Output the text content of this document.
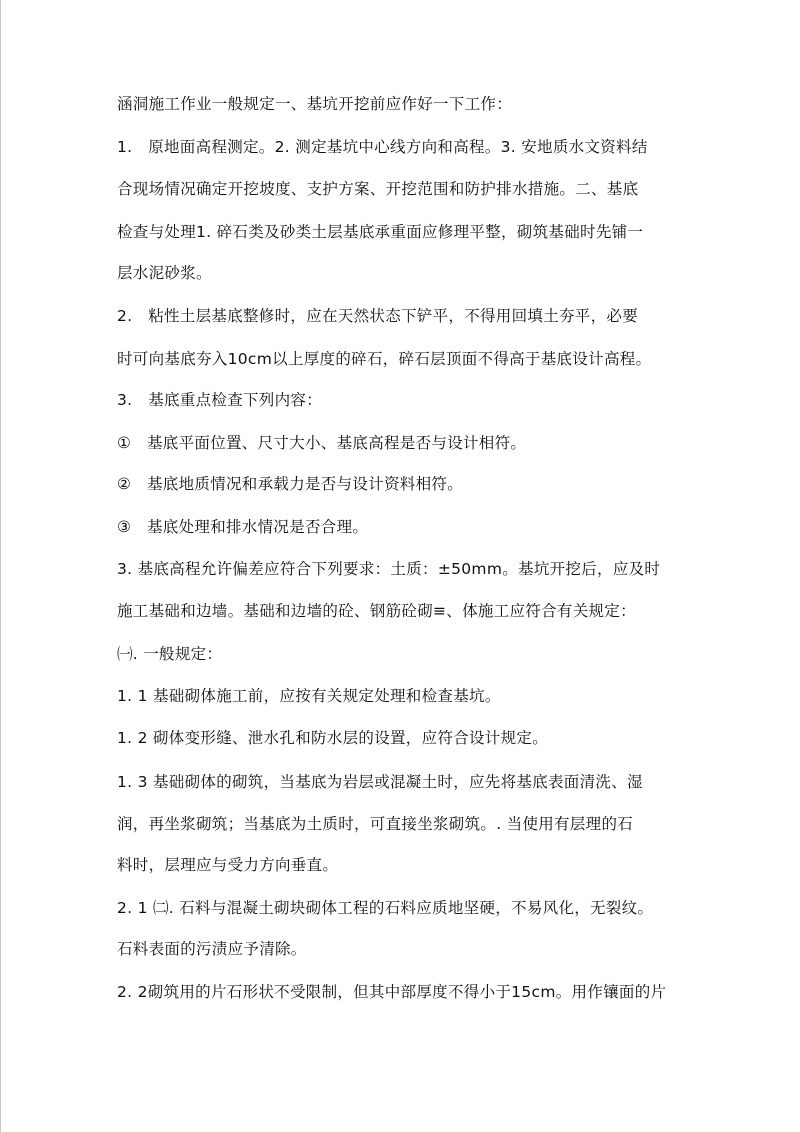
涵洞施工作业一般规定一、基坑开挖前应作好一下工作：
1.　原地面高程测定。2. 测定基坑中心线方向和高程。3. 安地质水文资料结
合现场情况确定开挖坡度、支护方案、开挖范围和防护排水措施。二、基底
检查与处理1. 碎石类及砂类土层基底承重面应修理平整，砌筑基础时先铺一
层水泥砂浆。
2.　粘性土层基底整修时，应在天然状态下铲平，不得用回填土夯平，必要
时可向基底夯入10cm以上厚度的碎石，碎石层顶面不得高于基底设计高程。
3.　基底重点检查下列内容：
①　基底平面位置、尺寸大小、基底高程是否与设计相符。
②　基底地质情况和承载力是否与设计资料相符。
③　基底处理和排水情况是否合理。
3. 基底高程允许偏差应符合下列要求：土质：±50mm。基坑开挖后，应及时
施工基础和边墙。基础和边墙的砼、钢筋砼砌≡、体施工应符合有关规定：
㈠. 一般规定：
1. 1 基础砌体施工前，应按有关规定处理和检查基坑。
1. 2 砌体变形缝、泄水孔和防水层的设置，应符合设计规定。
1. 3 基础砌体的砌筑，当基底为岩层或混凝土时，应先将基底表面清洗、湿
润，再坐浆砌筑；当基底为土质时，可直接坐浆砌筑。. 当使用有层理的石
料时，层理应与受力方向垂直。
2. 1 ㈡. 石料与混凝土砌块砌体工程的石料应质地坚硬，不易风化，无裂纹。
石料表面的污渍应予清除。
2. 2砌筑用的片石形状不受限制，但其中部厚度不得小于15cm。用作镶面的片
